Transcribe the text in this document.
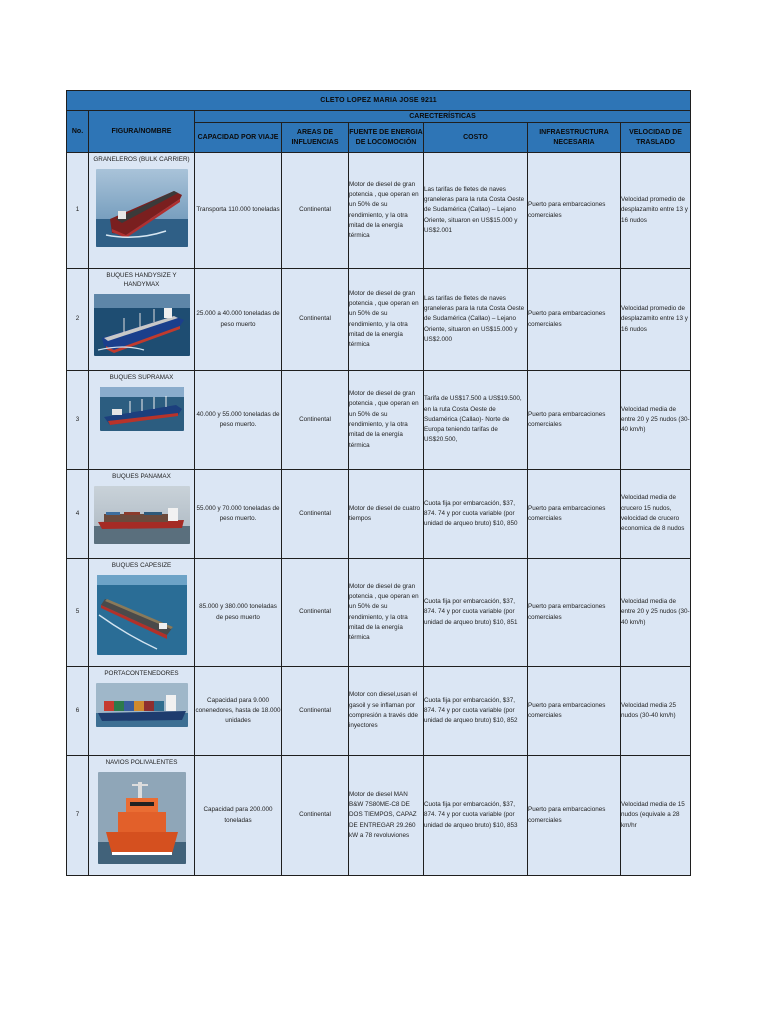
CLETO LOPEZ MARIA JOSE 9211							
No.	FIGURA/NOMBRE	CARECTERÍSTICAS					
		CAPACIDAD POR VIAJE	AREAS DE INFLUENCIAS	FUENTE DE ENERGIA DE LOCOMOCIÓN	COSTO	INFRAESTRUCTURA NECESARIA	VELOCIDAD DE TRASLADO
1	GRANELEROS (BULK CARRIER)	Transporta 110.000 toneladas	Continental	Motor de diesel de gran potencia , que operan en un 50% de su rendimiento, y la otra mitad de la energía térmica	Las tarifas de fletes de naves graneleras para la ruta Costa Oeste de Sudamérica (Callao) – Lejano Oriente, situaron en US$15.000 y US$2.001	Puerto para embarcaciones comerciales	Velocidad promedio de desplazamito entre 13 y 16 nudos
2	BUQUES HANDYSIZE Y HANDYMAX	25.000 a 40.000 toneladas de peso muerto	Continental	Motor de diesel de gran potencia , que operan en un 50% de su rendimiento, y la otra mitad de la energía térmica	Las tarifas de fletes de naves graneleras para la ruta Costa Oeste de Sudamérica (Callao) – Lejano Oriente, situaron en US$15.000 y US$2.000	Puerto para embarcaciones comerciales	Velocidad promedio de desplazamito entre 13 y 16 nudos
3	BUQUES SUPRAMAX	40.000 y 55.000 toneladas de peso muerto.	Continental	Motor de diesel de gran potencia , que operan en un 50% de su rendimiento, y la otra mitad de la energía térmica	Tarifa de US$17.500 a US$19.500, en la ruta Costa Oeste de Sudamérica (Callao)- Norte de Europa teniendo tarifas de US$20.500,	Puerto para embarcaciones comerciales	Velocidad media de entre 20 y 25 nudos (30-40 km/h)
4	BUQUES PANAMAX	55.000 y 70.000 toneladas de peso muerto.	Continental	Motor de diesel de cuatro tiempos	Cuota fija por embarcación, $37, 874. 74 y por cuota variable (por unidad de arqueo bruto) $10, 850	Puerto para embarcaciones comerciales	Velocidad media de crucero 15 nudos, velocidad de crucero economica de 8 nudos
5	BUQUES CAPESIZE	85.000 y 380.000 toneladas de peso muerto	Continental	Motor de diesel de gran potencia , que operan en un 50% de su rendimiento, y la otra mitad de la energía térmica	Cuota fija por embarcación, $37, 874. 74 y por cuota variable (por unidad de arqueo bruto) $10, 851	Puerto para embarcaciones comerciales	Velocidad media de entre 20 y 25 nudos (30-40 km/h)
6	PORTACONTENEDORES	Capacidad para 9.000 conenedores, hasta de 18.000 unidades	Continental	Motor con diesel,usan el gasoil y se inflaman por compresión a través dde inyectores	Cuota fija por embarcación, $37, 874. 74 y por cuota variable (por unidad de arqueo bruto) $10, 852	Puerto para embarcaciones comerciales	Velocidad media 25 nudos (30-40 km/h)
7	NAVIOS POLIVALENTES	Capacidad para 200.000 toneladas	Continental	Motor de diesel MAN B&W 7S80ME-C8 DE DOS TIEMPOS, CAPAZ DE ENTREGAR 29.260 kW a 78 revoluviones	Cuota fija por embarcación, $37, 874. 74 y por cuota variable (por unidad de arqueo bruto) $10, 853	Puerto para embarcaciones comerciales	Velocidad media de 15 nudos (equivale a 28 km/hr
